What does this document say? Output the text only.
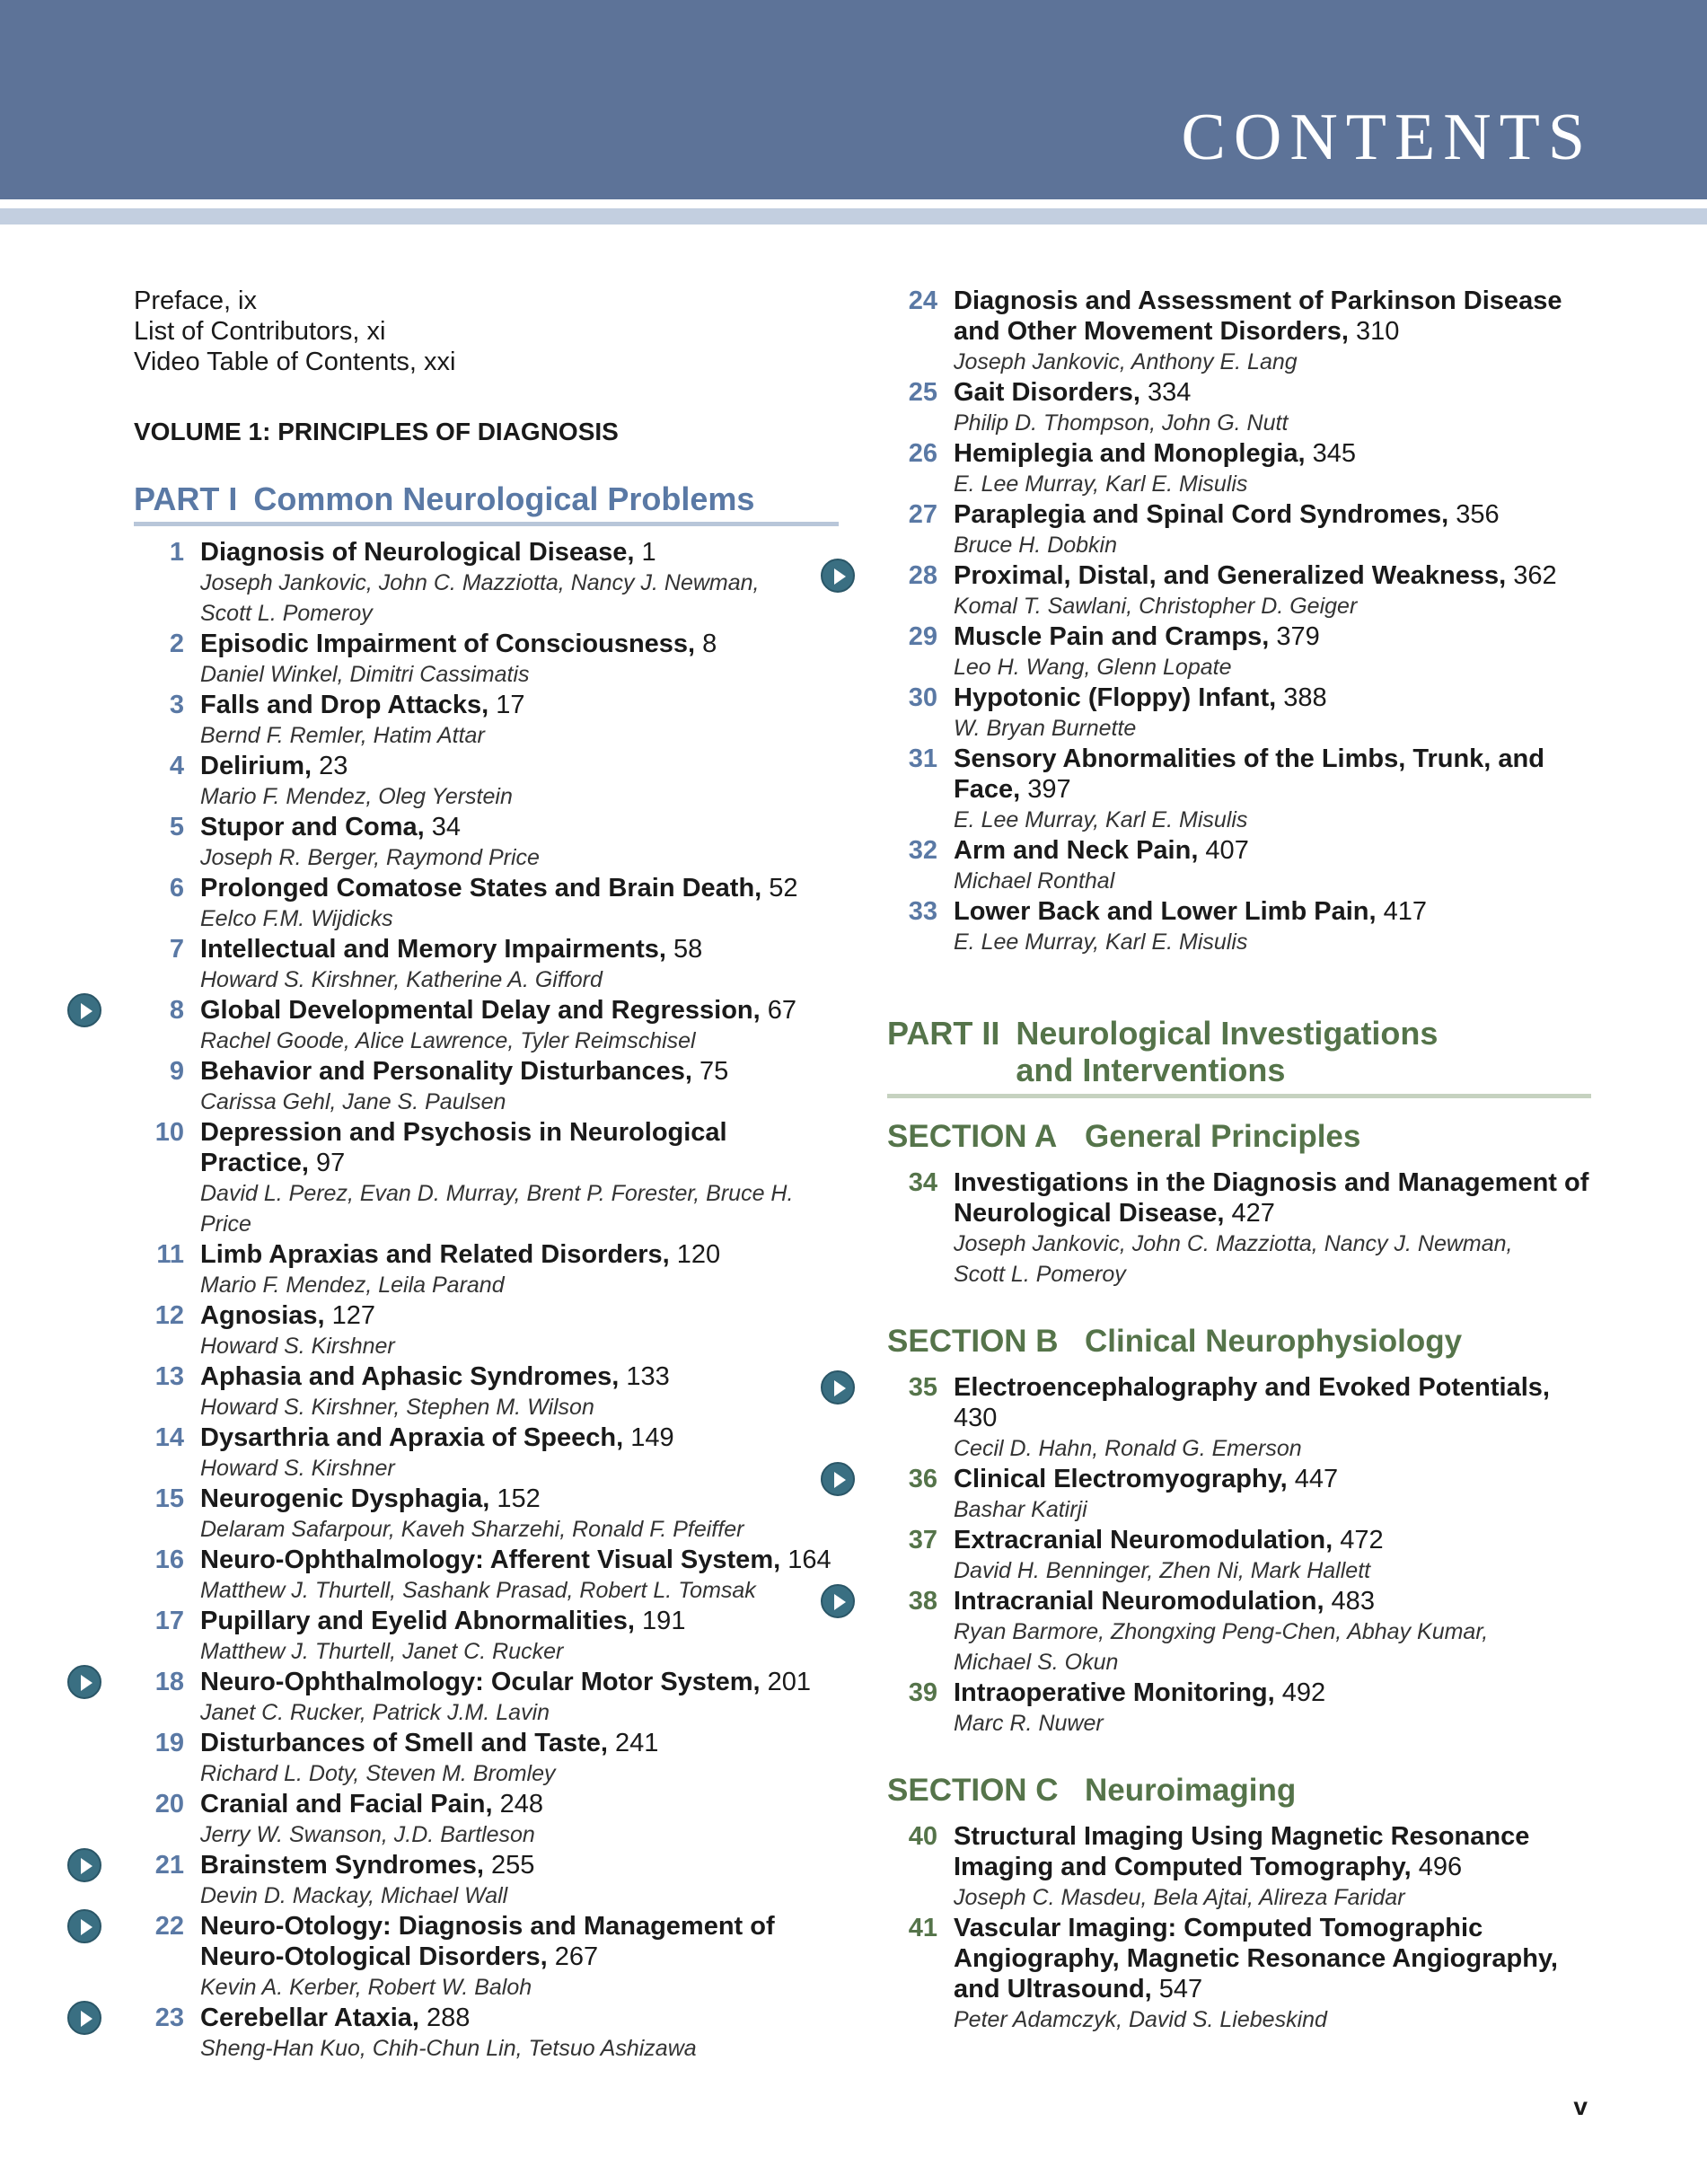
CONTENTS
Preface, ix
List of Contributors, xi
Video Table of Contents, xxi
VOLUME 1: PRINCIPLES OF DIAGNOSIS
PART I Common Neurological Problems
1 Diagnosis of Neurological Disease, 1
Joseph Jankovic, John C. Mazziotta, Nancy J. Newman,
Scott L. Pomeroy
2 Episodic Impairment of Consciousness, 8
Daniel Winkel, Dimitri Cassimatis
3 Falls and Drop Attacks, 17
Bernd F. Remler, Hatim Attar
4 Delirium, 23
Mario F. Mendez, Oleg Yerstein
5 Stupor and Coma, 34
Joseph R. Berger, Raymond Price
6 Prolonged Comatose States and Brain Death, 52
Eelco F.M. Wijdicks
7 Intellectual and Memory Impairments, 58
Howard S. Kirshner, Katherine A. Gifford
8 Global Developmental Delay and Regression, 67
Rachel Goode, Alice Lawrence, Tyler Reimschisel
9 Behavior and Personality Disturbances, 75
Carissa Gehl, Jane S. Paulsen
10 Depression and Psychosis in Neurological Practice, 97
David L. Perez, Evan D. Murray, Brent P. Forester, Bruce H. Price
11 Limb Apraxias and Related Disorders, 120
Mario F. Mendez, Leila Parand
12 Agnosias, 127
Howard S. Kirshner
13 Aphasia and Aphasic Syndromes, 133
Howard S. Kirshner, Stephen M. Wilson
14 Dysarthria and Apraxia of Speech, 149
Howard S. Kirshner
15 Neurogenic Dysphagia, 152
Delaram Safarpour, Kaveh Sharzehi, Ronald F. Pfeiffer
16 Neuro-Ophthalmology: Afferent Visual System, 164
Matthew J. Thurtell, Sashank Prasad, Robert L. Tomsak
17 Pupillary and Eyelid Abnormalities, 191
Matthew J. Thurtell, Janet C. Rucker
18 Neuro-Ophthalmology: Ocular Motor System, 201
Janet C. Rucker, Patrick J.M. Lavin
19 Disturbances of Smell and Taste, 241
Richard L. Doty, Steven M. Bromley
20 Cranial and Facial Pain, 248
Jerry W. Swanson, J.D. Bartleson
21 Brainstem Syndromes, 255
Devin D. Mackay, Michael Wall
22 Neuro-Otology: Diagnosis and Management of Neuro-Otological Disorders, 267
Kevin A. Kerber, Robert W. Baloh
23 Cerebellar Ataxia, 288
Sheng-Han Kuo, Chih-Chun Lin, Tetsuo Ashizawa
24 Diagnosis and Assessment of Parkinson Disease and Other Movement Disorders, 310
Joseph Jankovic, Anthony E. Lang
25 Gait Disorders, 334
Philip D. Thompson, John G. Nutt
26 Hemiplegia and Monoplegia, 345
E. Lee Murray, Karl E. Misulis
27 Paraplegia and Spinal Cord Syndromes, 356
Bruce H. Dobkin
28 Proximal, Distal, and Generalized Weakness, 362
Komal T. Sawlani, Christopher D. Geiger
29 Muscle Pain and Cramps, 379
Leo H. Wang, Glenn Lopate
30 Hypotonic (Floppy) Infant, 388
W. Bryan Burnette
31 Sensory Abnormalities of the Limbs, Trunk, and Face, 397
E. Lee Murray, Karl E. Misulis
32 Arm and Neck Pain, 407
Michael Ronthal
33 Lower Back and Lower Limb Pain, 417
E. Lee Murray, Karl E. Misulis
PART II Neurological Investigations
and Interventions
SECTION A General Principles
34 Investigations in the Diagnosis and Management of Neurological Disease, 427
Joseph Jankovic, John C. Mazziotta, Nancy J. Newman,
Scott L. Pomeroy
SECTION B Clinical Neurophysiology
35 Electroencephalography and Evoked Potentials, 430
Cecil D. Hahn, Ronald G. Emerson
36 Clinical Electromyography, 447
Bashar Katirji
37 Extracranial Neuromodulation, 472
David H. Benninger, Zhen Ni, Mark Hallett
38 Intracranial Neuromodulation, 483
Ryan Barmore, Zhongxing Peng-Chen, Abhay Kumar,
Michael S. Okun
39 Intraoperative Monitoring, 492
Marc R. Nuwer
SECTION C Neuroimaging
40 Structural Imaging Using Magnetic Resonance Imaging and Computed Tomography, 496
Joseph C. Masdeu, Bela Ajtai, Alireza Faridar
41 Vascular Imaging: Computed Tomographic Angiography, Magnetic Resonance Angiography, and Ultrasound, 547
Peter Adamczyk, David S. Liebeskind
v
